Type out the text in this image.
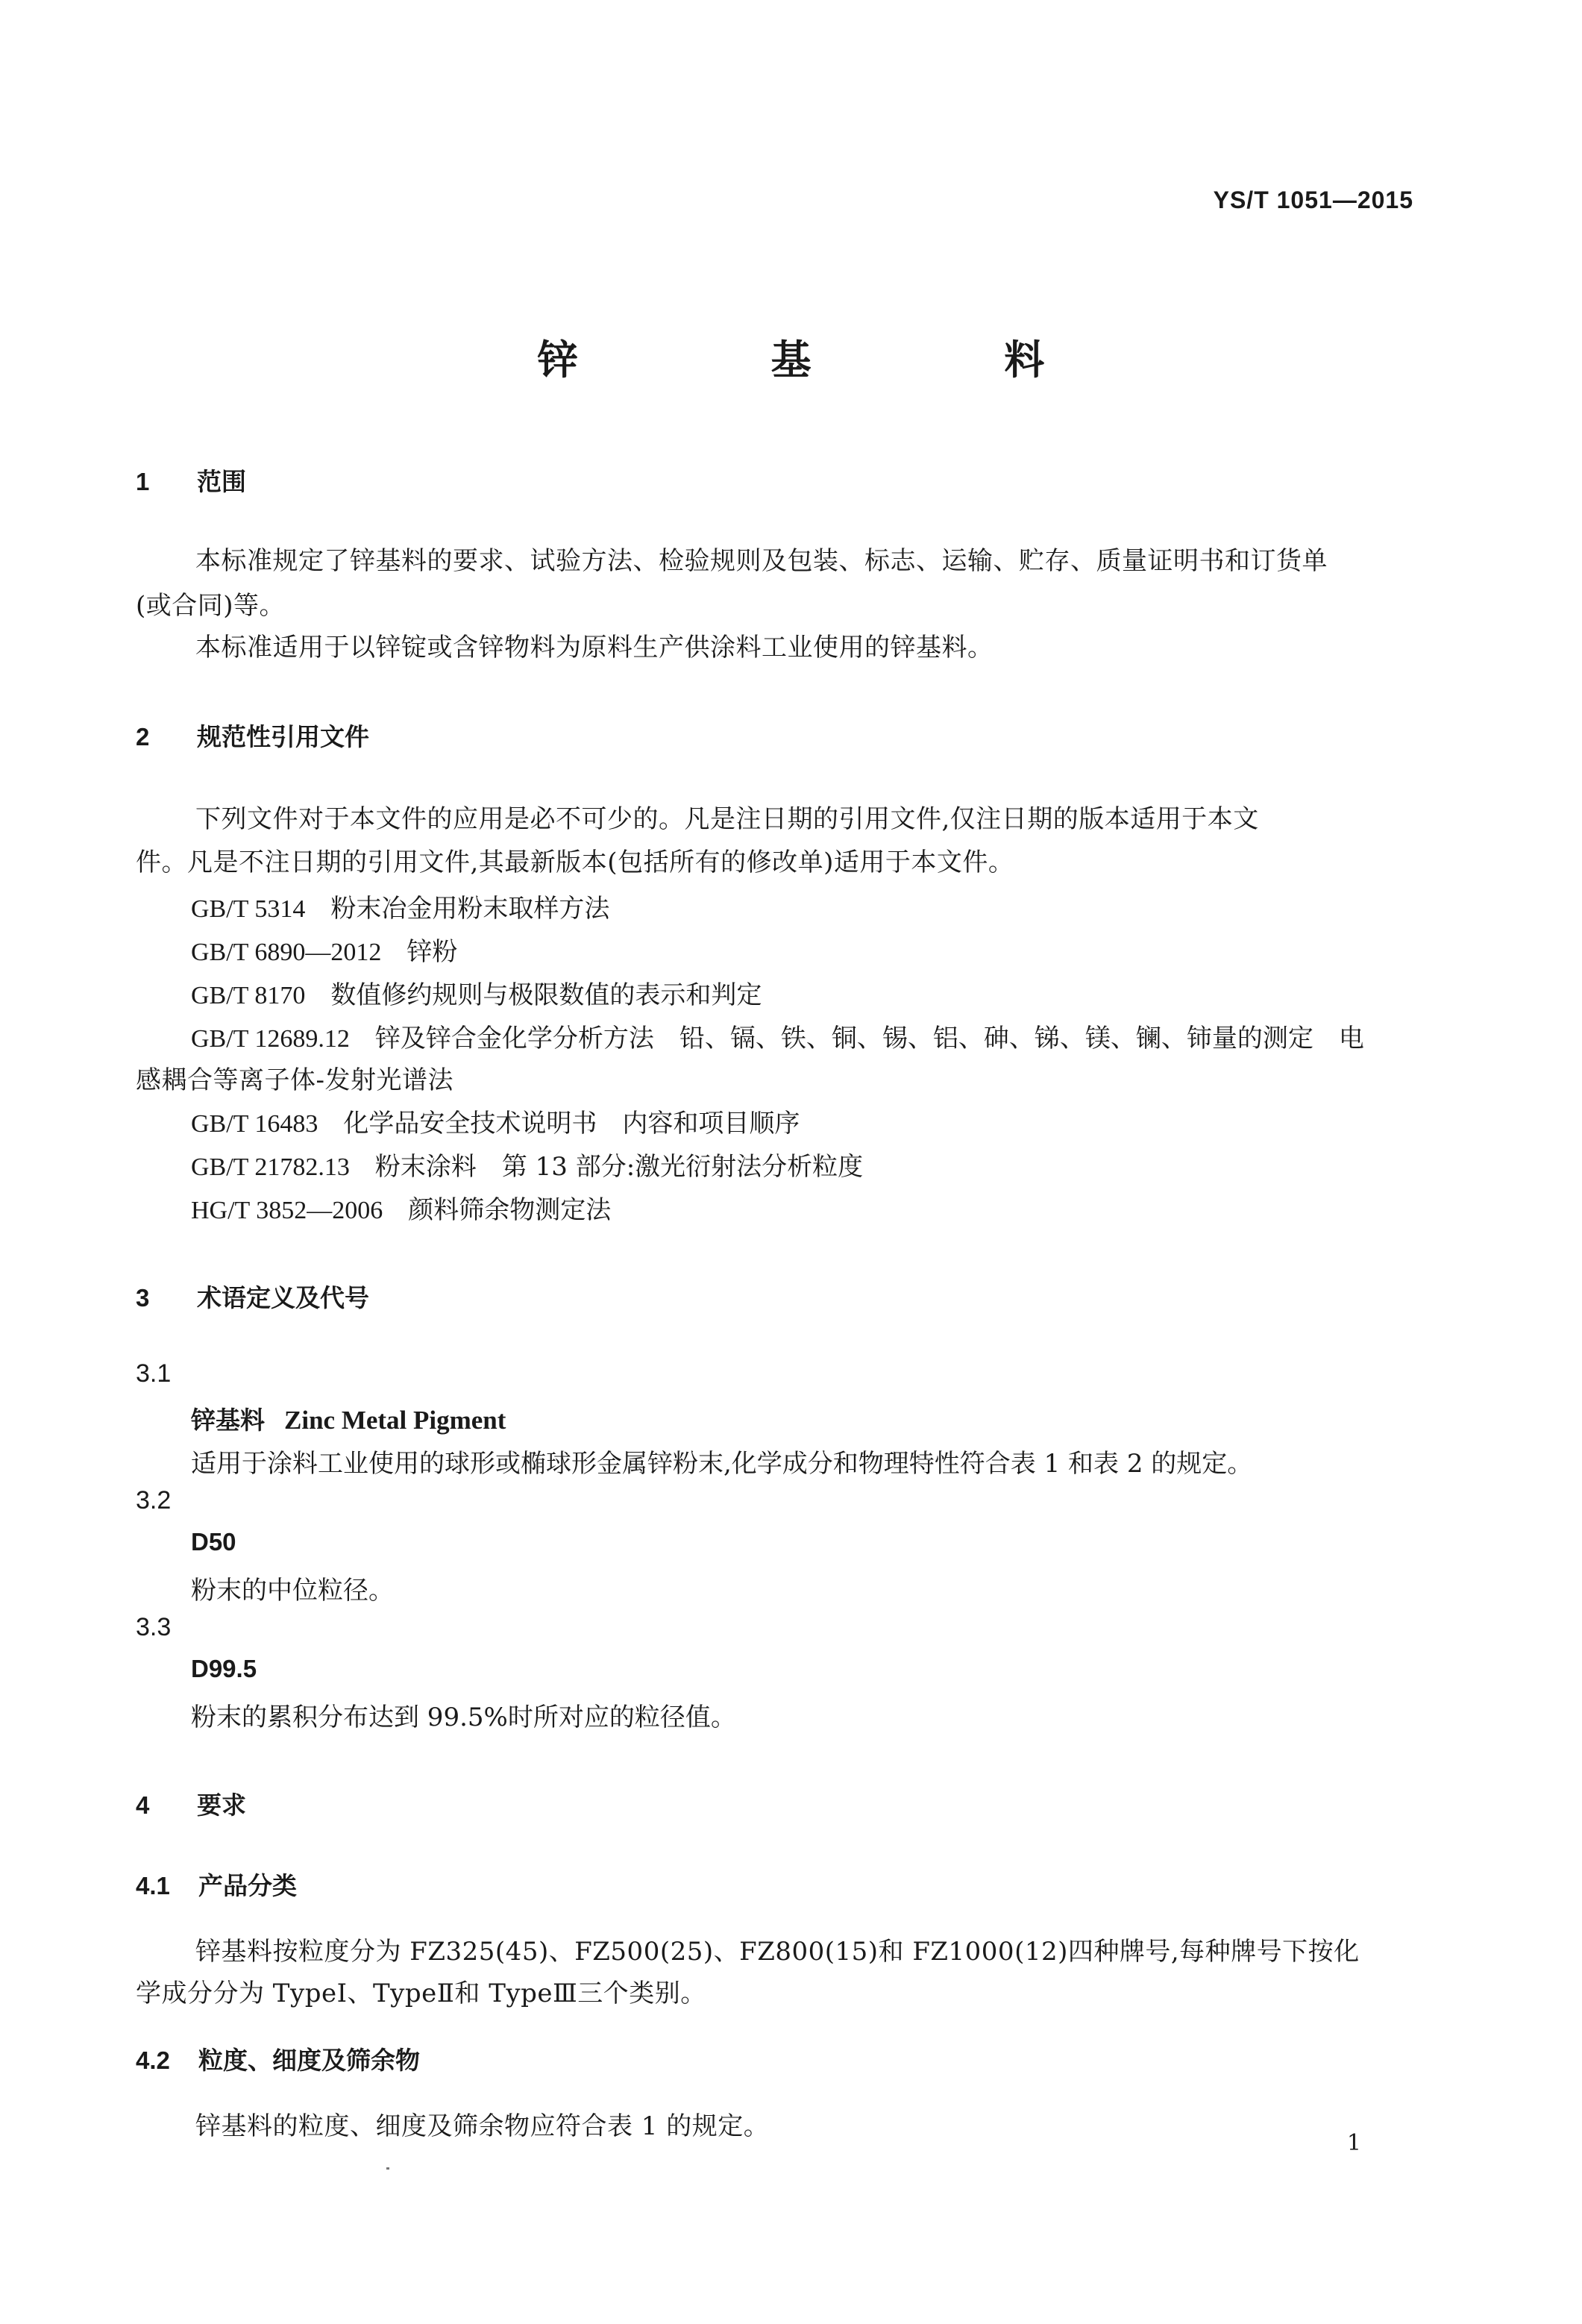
YS/T 1051—2015
锌 基 料
1 范围
本标准规定了锌基料的要求、试验方法、检验规则及包装、标志、运输、贮存、质量证明书和订货单
(或合同)等。
本标准适用于以锌锭或含锌物料为原料生产供涂料工业使用的锌基料。
2 规范性引用文件
下列文件对于本文件的应用是必不可少的。凡是注日期的引用文件,仅注日期的版本适用于本文
件。凡是不注日期的引用文件,其最新版本(包括所有的修改单)适用于本文件。
GB/T 5314 粉末冶金用粉末取样方法
GB/T 6890—2012 锌粉
GB/T 8170 数值修约规则与极限数值的表示和判定
GB/T 12689.12 锌及锌合金化学分析方法　铅、镉、铁、铜、锡、铝、砷、锑、镁、镧、铈量的测定　电
感耦合等离子体-发射光谱法
GB/T 16483 化学品安全技术说明书　内容和项目顺序
GB/T 21782.13 粉末涂料　第 13 部分:激光衍射法分析粒度
HG/T 3852—2006 颜料筛余物测定法
3 术语定义及代号
3.1
锌基料 Zinc Metal Pigment
适用于涂料工业使用的球形或椭球形金属锌粉末,化学成分和物理特性符合表 1 和表 2 的规定。
3.2
D50
粉末的中位粒径。
3.3
D99.5
粉末的累积分布达到 99.5%时所对应的粒径值。
4 要求
4.1 产品分类
锌基料按粒度分为 FZ325(45)、FZ500(25)、FZ800(15)和 FZ1000(12)四种牌号,每种牌号下按化
学成分分为 TypeⅠ、TypeⅡ和 TypeⅢ三个类别。
4.2 粒度、细度及筛余物
锌基料的粒度、细度及筛余物应符合表 1 的规定。
1
